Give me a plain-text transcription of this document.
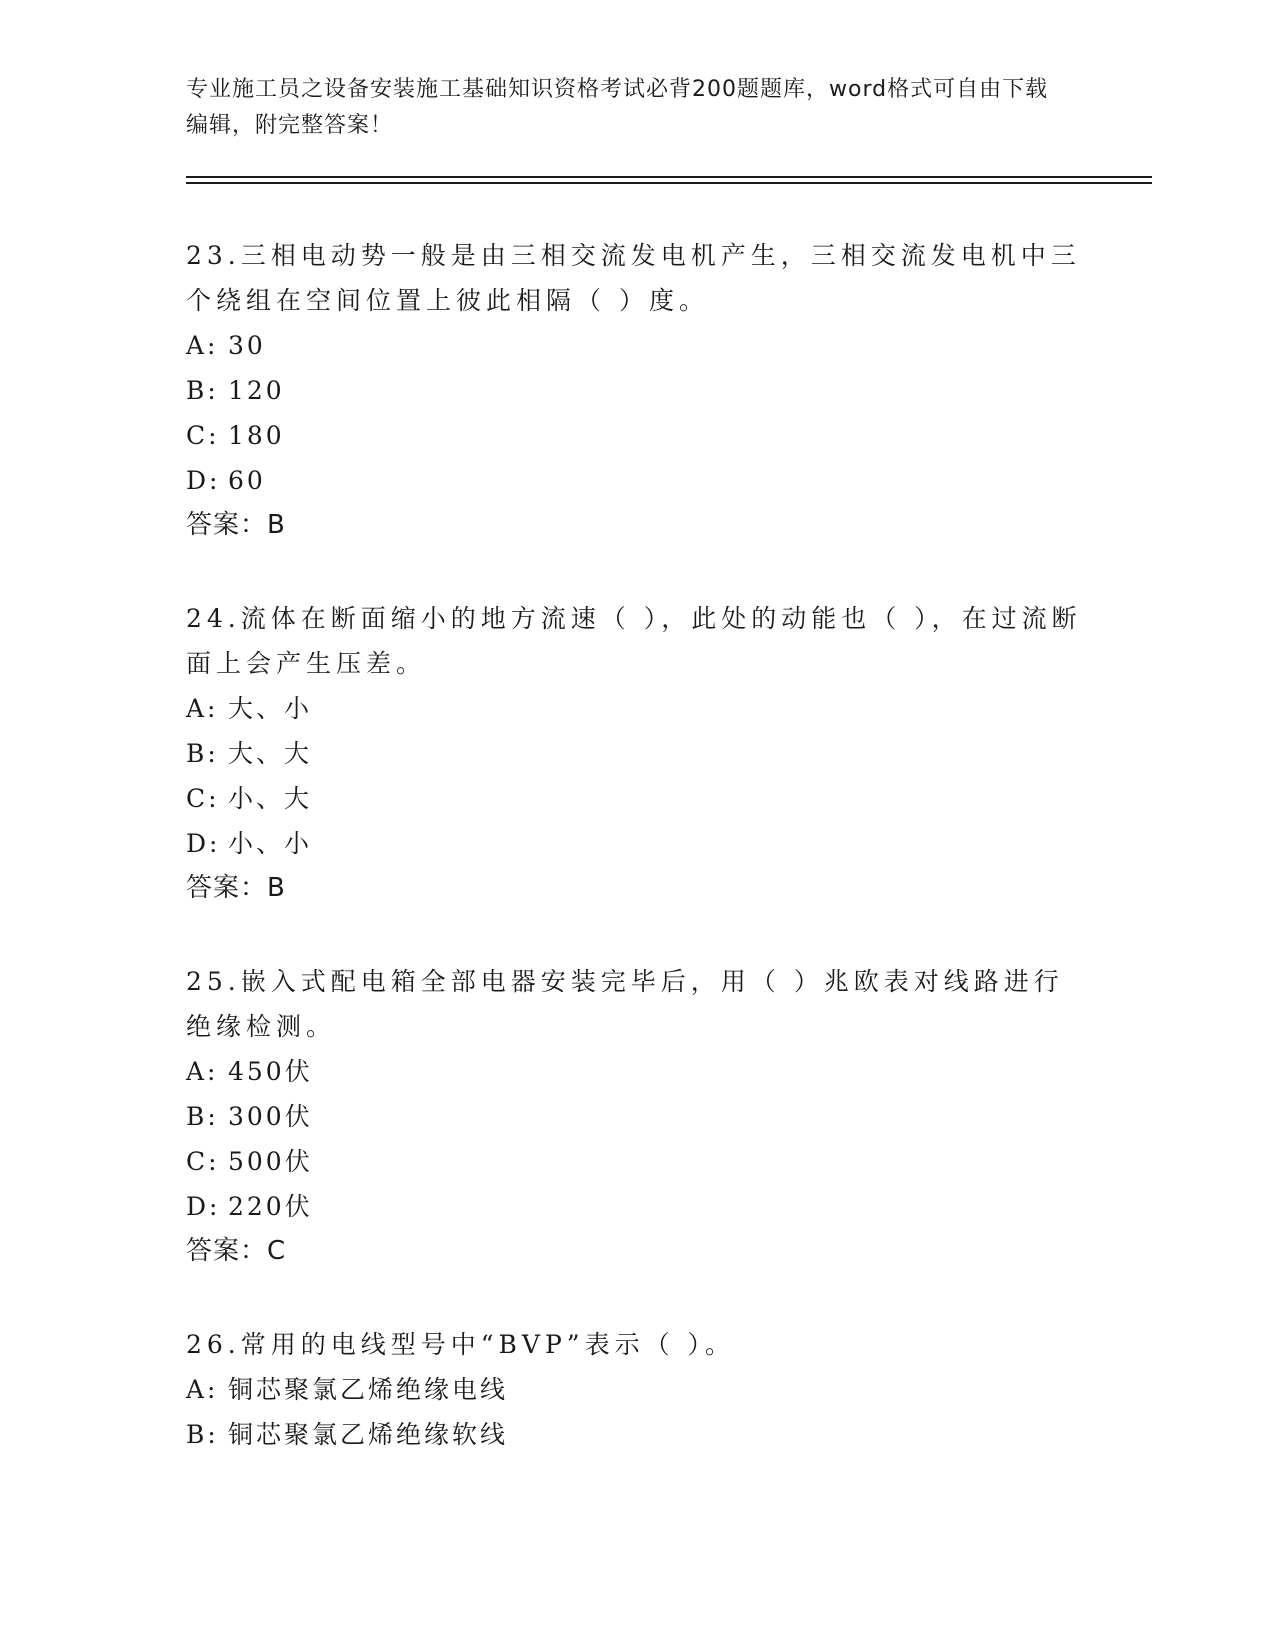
专业施工员之设备安装施工基础知识资格考试必背200题题库，word格式可自由下载编辑，附完整答案！

23.三相电动势一般是由三相交流发电机产生，三相交流发电机中三个绕组在空间位置上彼此相隔（ ）度。

A: 30

B: 120

C: 180

D: 60

答案：B

24.流体在断面缩小的地方流速（ ），此处的动能也（ ），在过流断面上会产生压差。

A: 大、小

B: 大、大

C: 小、大

D: 小、小

答案：B

25.嵌入式配电箱全部电器安装完毕后，用（ ）兆欧表对线路进行绝缘检测。

A: 450伏

B: 300伏

C: 500伏

D: 220伏

答案：C

26.常用的电线型号中“BVP”表示（ ）。

A: 铜芯聚氯乙烯绝缘电线

B: 铜芯聚氯乙烯绝缘软线
